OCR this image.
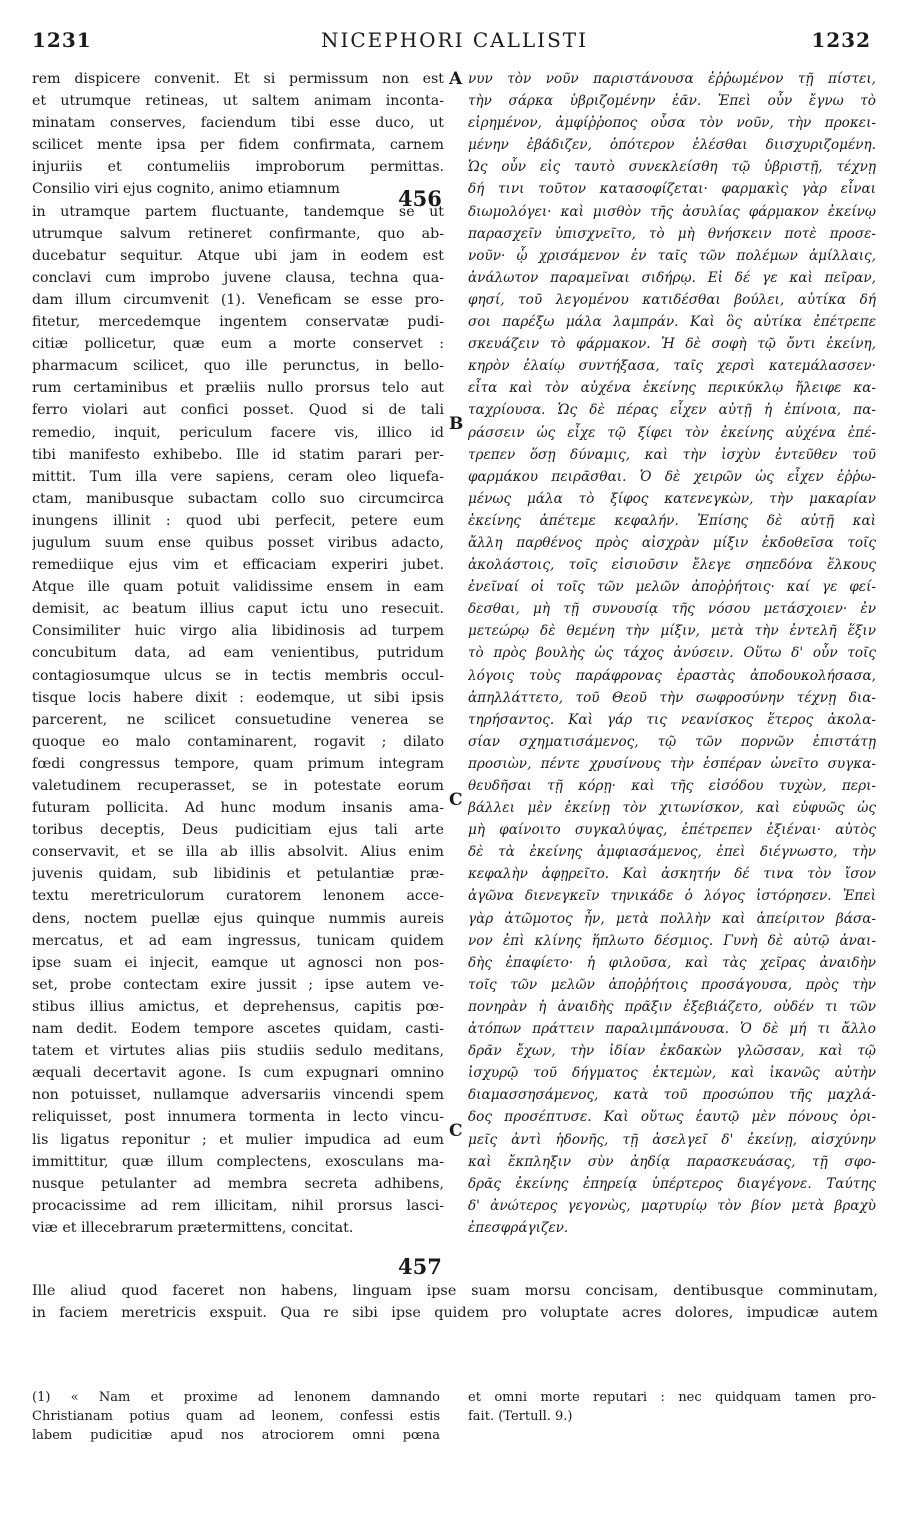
1231	NICEPHORI CALLISTI	1232
rem dispicere convenit. Et si permissum non est
et utrumque retineas, ut saltem animam inconta-
minatam conserves, faciendum tibi esse duco, ut
scilicet mente ipsa per fidem confirmata, carnem
injuriis et contumeliis improborum permittas.
Consilio viri ejus cognito, animo etiamnum
in utramque partem fluctuante, tandemque se ut
utrumque salvum retineret confirmante, quo ab-
ducebatur sequitur. Atque ubi jam in eodem est
conclavi cum improbo juvene clausa, techna qua-
dam illum circumvenit (1). Veneficam se esse pro-
fitetur, mercedemque ingentem conservatæ pudi-
citiæ pollicetur, quæ eum a morte conservet :
pharmacum scilicet, quo ille perunctus, in bello-
rum certaminibus et præliis nullo prorsus telo aut
ferro violari aut confici posset. Quod si de tali
remedio, inquit, periculum facere vis, illico id
tibi manifesto exhibebo. Ille id statim parari per-
mittit. Tum illa vere sapiens, ceram oleo liquefa-
ctam, manibusque subactam collo suo circumcirca
inungens illinit : quod ubi perfecit, petere eum
jugulum suum ense quibus posset viribus adacto,
remediique ejus vim et efficaciam experiri jubet.
Atque ille quam potuit validissime ensem in eam
demisit, ac beatum illius caput ictu uno resecuit.
Consimiliter huic virgo alia libidinosis ad turpem
concubitum data, ad eam venientibus, putridum
contagiosumque ulcus se in tectis membris occul-
tisque locis habere dixit : eodemque, ut sibi ipsis
parcerent, ne scilicet consuetudine venerea se
quoque eo malo contaminarent, rogavit ; dilato
fœdi congressus tempore, quam primum integram
valetudinem recuperasset, se in potestate eorum
futuram pollicita. Ad hunc modum insanis ama-
toribus deceptis, Deus pudicitiam ejus tali arte
conservavit, et se illa ab illis absolvit. Alius enim
juvenis quidam, sub libidinis et petulantiæ præ-
textu meretriculorum curatorem lenonem acce-
dens, noctem puellæ ejus quinque nummis aureis
mercatus, et ad eam ingressus, tunicam quidem
ipse suam ei injecit, eamque ut agnosci non pos-
set, probe contectam exire jussit ; ipse autem ve-
stibus illius amictus, et deprehensus, capitis pœ-
nam dedit. Eodem tempore ascetes quidam, casti-
tatem et virtutes alias piis studiis sedulo meditans,
æquali decertavit agone. Is cum expugnari omnino
non potuisset, nullamque adversariis vincendi spem
reliquisset, post innumera tormenta in lecto vincu-
lis ligatus reponitur ; et mulier impudica ad eum
immittitur, quæ illum complectens, exosculans ma-
nusque petulanter ad membra secreta adhibens,
procacissime ad rem illicitam, nihil prorsus lasci-
viæ et illecebrarum prætermittens, concitat.
νυν τὸν νοῦν παριστάνουσα ἐῤῥωμένον τῇ πίστει,
τὴν σάρκα ὑβριζομένην ἐᾶν. Ἐπεὶ οὖν ἔγνω τὸ
εἰρημένον, ἀμφίῤῥοπος οὖσα τὸν νοῦν, τὴν προκει-
μένην ἐβάδιζεν, ὁπότερον ἐλέσθαι διισχυριζομένη.
Ὡς οὖν εἰς ταυτὸ συνεκλείσθη τῷ ὑβριστῇ, τέχνῃ
δή τινι τοῦτον κατασοφίζεται· φαρμακὶς γὰρ εἶναι
διωμολόγει· καὶ μισθὸν τῆς ἀσυλίας φάρμακον ἐκείνῳ
παρασχεῖν ὑπισχνεῖτο, τὸ μὴ θνήσκειν ποτὲ προσε-
νοῦν· ᾧ χρισάμενον ἐν ταῖς τῶν πολέμων ἁμίλλαις,
ἀνάλωτον παραμεῖναι σιδήρῳ. Εἰ δέ γε καὶ πεῖραν,
φησί, τοῦ λεγομένου κατιδέσθαι βούλει, αὐτίκα δή
σοι παρέξω μάλα λαμπράν. Καὶ ὃς αὐτίκα ἐπέτρεπε
σκευάζειν τὸ φάρμακον. Ἡ δὲ σοφὴ τῷ ὄντι ἐκείνη,
κηρὸν ἐλαίῳ συντήξασα, ταῖς χερσὶ κατεμάλασσεν·
εἶτα καὶ τὸν αὐχένα ἐκείνης περικύκλῳ ἤλειφε κα-
ταχρίουσα. Ὡς δὲ πέρας εἶχεν αὐτῇ ἡ ἐπίνοια, πα-
ράσσειν ὡς εἶχε τῷ ξίφει τὸν ἐκείνης αὐχένα ἐπέ-
τρεπεν ὅσῃ δύναμις, καὶ τὴν ἰσχὺν ἐντεῦθεν τοῦ
φαρμάκου πειρᾶσθαι. Ὁ δὲ χειρῶν ὡς εἶχεν ἐῤῥω-
μένως μάλα τὸ ξίφος κατενεγκὼν, τὴν μακαρίαν
ἐκείνης ἀπέτεμε κεφαλήν. Ἐπίσης δὲ αὐτῇ καὶ
ἄλλη παρθένος πρὸς αἰσχρὰν μίξιν ἐκδοθεῖσα τοῖς
ἀκολάστοις, τοῖς εἰσιοῦσιν ἔλεγε σηπεδόνα ἕλκους
ἐνεῖναί οἱ τοῖς τῶν μελῶν ἀποῤῥήτοις· καί γε φεί-
δεσθαι, μὴ τῇ συνουσίᾳ τῆς νόσου μετάσχοιεν· ἐν
μετεώρῳ δὲ θεμένη τὴν μίξιν, μετὰ τὴν ἐντελῆ ἕξιν
τὸ πρὸς βουλὴς ὡς τάχος ἀνύσειν. Οὕτω δ' οὖν τοῖς
λόγοις τοὺς παράφρονας ἐραστὰς ἀποδουκολήσασα,
ἀπηλλάττετο, τοῦ Θεοῦ τὴν σωφροσύνην τέχνῃ δια-
τηρήσαντος. Καὶ γάρ τις νεανίσκος ἕτερος ἀκολα-
σίαν σχηματισάμενος, τῷ τῶν πορνῶν ἐπιστάτῃ
προσιὼν, πέντε χρυσίνους τὴν ἑσπέραν ὠνεῖτο συγκα-
θευδῆσαι τῇ κόρῃ· καὶ τῆς εἰσόδου τυχὼν, περι-
βάλλει μὲν ἐκείνῃ τὸν χιτωνίσκον, καὶ εὐφυῶς ὡς
μὴ φαίνοιτο συγκαλύψας, ἐπέτρεπεν ἐξιέναι· αὐτὸς
δὲ τὰ ἐκείνης ἀμφιασάμενος, ἐπεὶ διέγνωστο, τὴν
κεφαλὴν ἀφῃρεῖτο. Καὶ ἀσκητήν δέ τινα τὸν ἴσον
ἀγῶνα διενεγκεῖν τηνικάδε ὁ λόγος ἱστόρησεν. Ἐπεὶ
γὰρ ἀτῶμοτος ἦν, μετὰ πολλὴν καὶ ἀπείριτον βάσα-
νον ἐπὶ κλίνης ἥπλωτο δέσμιος. Γυνὴ δὲ αὐτῷ ἀναι-
δὴς ἐπαφίετο· ἡ φιλοῦσα, καὶ τὰς χεῖρας ἀναιδὴν
τοῖς τῶν μελῶν ἀποῤῥήτοις προσάγουσα, πρὸς τὴν
πονηρὰν ἡ ἀναιδὴς πρᾶξιν ἐξεβιάζετο, οὐδέν τι τῶν
ἀτόπων πράττειν παραλιμπάνουσα. Ὁ δὲ μή τι ἄλλο
δρᾶν ἔχων, τὴν ἰδίαν ἐκδακὼν γλῶσσαν, καὶ τῷ
ἰσχυρῷ τοῦ δήγματος ἐκτεμὼν, καὶ ἱκανῶς αὐτὴν
διαμασσησάμενος, κατὰ τοῦ προσώπου τῆς μαχλά-
δος προσέπτυσε. Καὶ οὕτως ἑαυτῷ μὲν πόνους ὀρι-
μεῖς ἀντὶ ἡδονῆς, τῇ ἀσελγεῖ δ' ἐκείνῃ, αἰσχύνην
καὶ ἔκπληξιν σὺν ἀηδίᾳ παρασκευάσας, τῇ σφο-
δρᾶς ἐκείνης ἐπηρείᾳ ὑπέρτερος διαγέγονε. Ταύτης
δ' ἀνώτερος γεγονὼς, μαρτυρίῳ τὸν βίον μετὰ βραχὺ
ἐπεσφράγιζεν.
A
B
C
C
456
457
Ille aliud quod faceret non habens, linguam ipse suam morsu concisam, dentibusque comminutam,
in faciem meretricis exspuit. Qua re sibi ipse quidem pro voluptate acres dolores, impudicæ autem
(1) « Nam et proxime ad lenonem damnando
Christianam potius quam ad leonem, confessi estis
labem pudicitiæ apud nos atrociorem omni pœna
et omni morte reputari : nec quidquam tamen pro-
fait. (Tertull. 9.)
